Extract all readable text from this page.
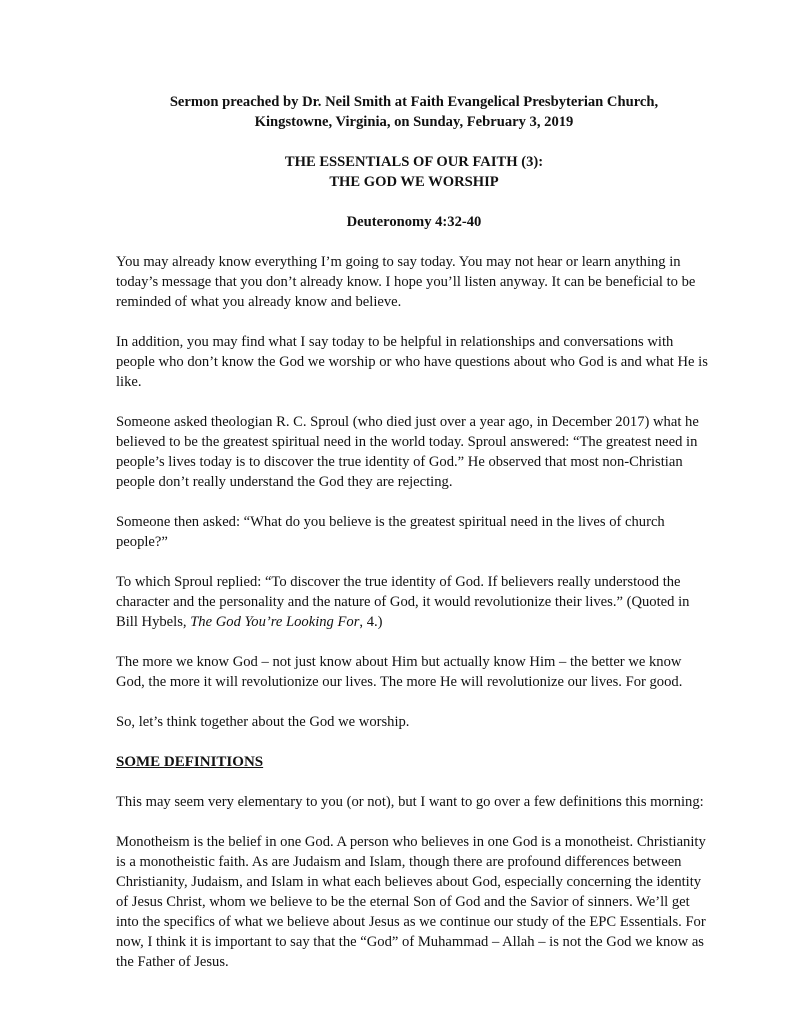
Sermon preached by Dr. Neil Smith at Faith Evangelical Presbyterian Church,

Kingstowne, Virginia, on Sunday, February 3, 2019

THE ESSENTIALS OF OUR FAITH (3):

THE GOD WE WORSHIP

Deuteronomy 4:32-40

You may already know everything I’m going to say today. You may not hear or learn anything in today’s message that you don’t already know. I hope you’ll listen anyway. It can be beneficial to be reminded of what you already know and believe.

In addition, you may find what I say today to be helpful in relationships and conversations with people who don’t know the God we worship or who have questions about who God is and what He is like.

Someone asked theologian R. C. Sproul (who died just over a year ago, in December 2017) what he believed to be the greatest spiritual need in the world today. Sproul answered: “The greatest need in people’s lives today is to discover the true identity of God.” He observed that most non-Christian people don’t really understand the God they are rejecting.

Someone then asked: “What do you believe is the greatest spiritual need in the lives of church people?”

To which Sproul replied: “To discover the true identity of God. If believers really understood the character and the personality and the nature of God, it would revolutionize their lives.” (Quoted in Bill Hybels, The God You’re Looking For, 4.)

The more we know God – not just know about Him but actually know Him – the better we know God, the more it will revolutionize our lives. The more He will revolutionize our lives. For good.

So, let’s think together about the God we worship.

SOME DEFINITIONS

This may seem very elementary to you (or not), but I want to go over a few definitions this morning:

Monotheism is the belief in one God. A person who believes in one God is a monotheist. Christianity is a monotheistic faith. As are Judaism and Islam, though there are profound differences between Christianity, Judaism, and Islam in what each believes about God, especially concerning the identity of Jesus Christ, whom we believe to be the eternal Son of God and the Savior of sinners. We’ll get into the specifics of what we believe about Jesus as we continue our study of the EPC Essentials. For now, I think it is important to say that the “God” of Muhammad – Allah – is not the God we know as the Father of Jesus.
